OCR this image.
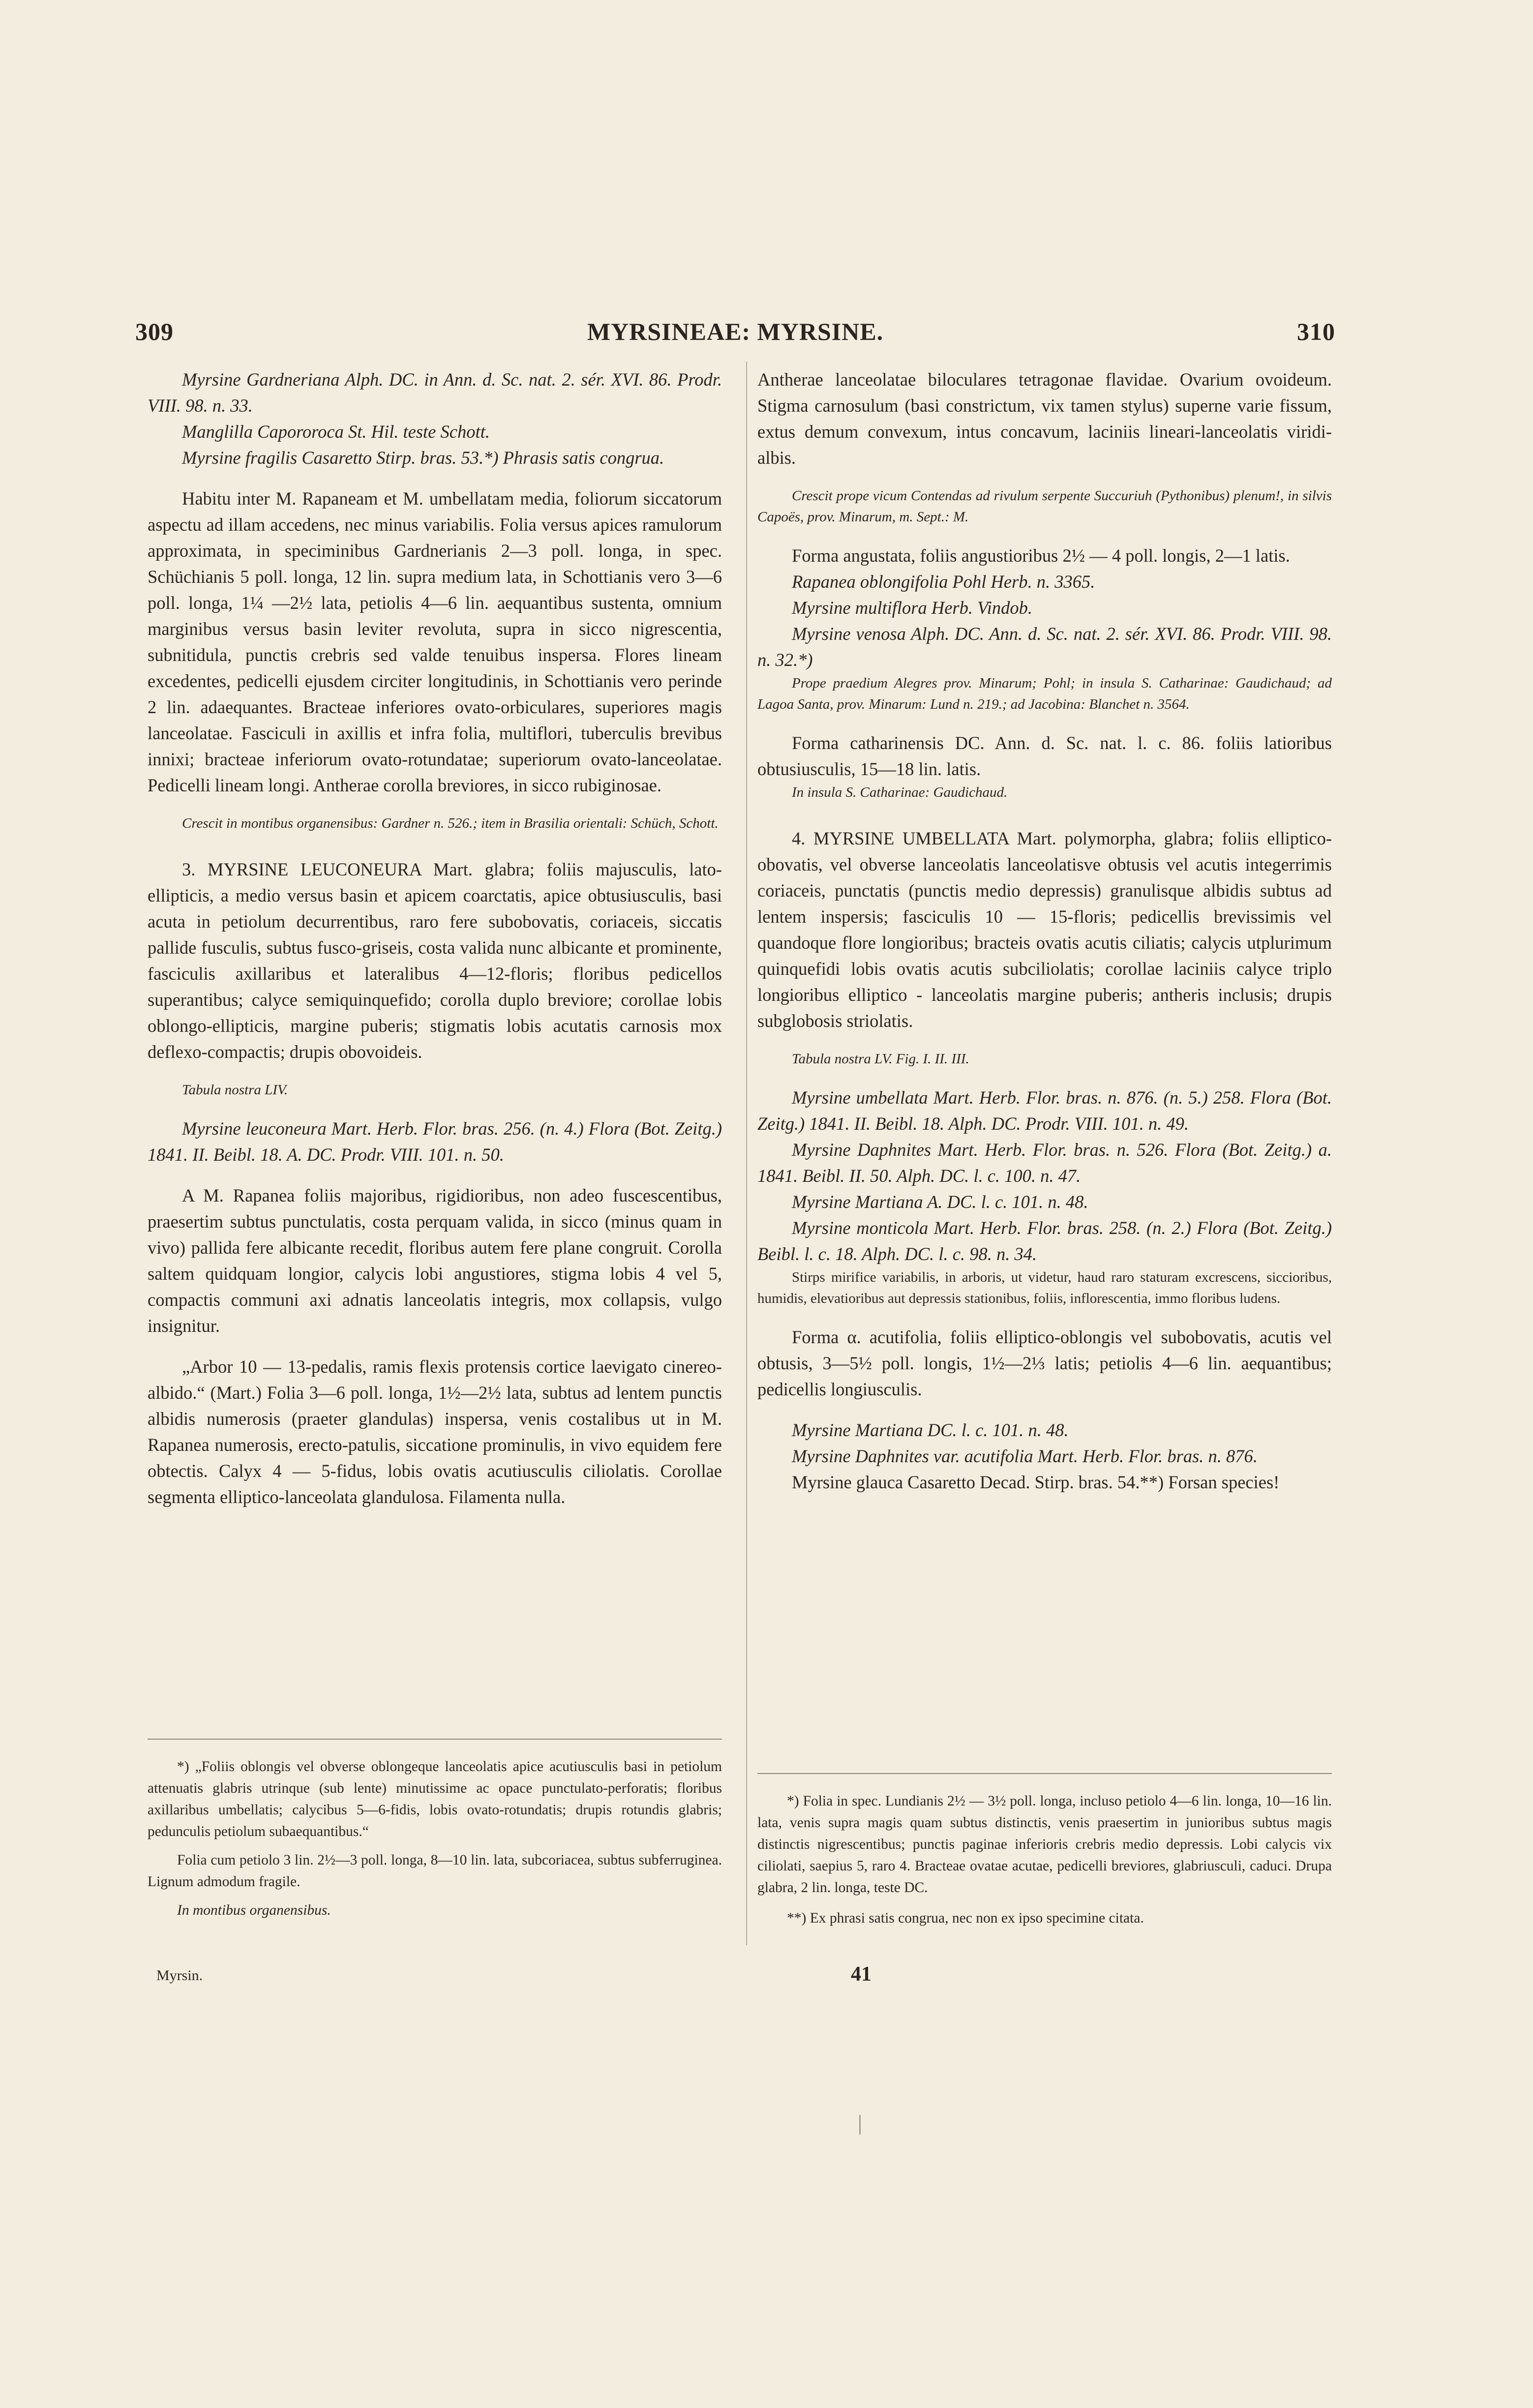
309	MYRSINEAE: MYRSINE.	310

Myrsine Gardneriana Alph. DC. in Ann. d. Sc. nat. 2. sér. XVI. 86. Prodr. VIII. 98. n. 33.

Manglilla Capororoca St. Hil. teste Schott.

Myrsine fragilis Casaretto Stirp. bras. 53.*) Phrasis satis congrua.

Habitu inter M. Rapaneam et M. umbellatam media, foliorum siccatorum aspectu ad illam accedens, nec minus variabilis. Folia versus apices ramulorum approximata, in speciminibus Gardnerianis 2—3 poll. longa, in spec. Schüchianis 5 poll. longa, 12 lin. supra medium lata, in Schottianis vero 3—6 poll. longa, 1¼ —2½ lata, petiolis 4—6 lin. aequantibus sustenta, omnium marginibus versus basin leviter revoluta, supra in sicco nigrescentia, subnitidula, punctis crebris sed valde tenuibus inspersa. Flores lineam excedentes, pedicelli ejusdem circiter longitudinis, in Schottianis vero perinde 2 lin. adaequantes. Bracteae inferiores ovato-orbiculares, superiores magis lanceolatae. Fasciculi in axillis et infra folia, multiflori, tuberculis brevibus innixi; bracteae inferiorum ovato-rotundatae; superiorum ovato-lanceolatae. Pedicelli lineam longi. Antherae corolla breviores, in sicco rubiginosae.

Crescit in montibus organensibus: Gardner n. 526.; item in Brasilia orientali: Schüch, Schott.

3. MYRSINE LEUCONEURA Mart. glabra; foliis majusculis, lato-ellipticis, a medio versus basin et apicem coarctatis, apice obtusiusculis, basi acuta in petiolum decurrentibus, raro fere subobovatis, coriaceis, siccatis pallide fusculis, subtus fusco-griseis, costa valida nunc albicante et prominente, fasciculis axillaribus et lateralibus 4—12-floris; floribus pedicellos superantibus; calyce semiquinquefido; corolla duplo breviore; corollae lobis oblongo-ellipticis, margine puberis; stigmatis lobis acutatis carnosis mox deflexo-compactis; drupis obovoideis.

Tabula nostra LIV.

Myrsine leuconeura Mart. Herb. Flor. bras. 256. (n. 4.) Flora (Bot. Zeitg.) 1841. II. Beibl. 18. A. DC. Prodr. VIII. 101. n. 50.

A M. Rapanea foliis majoribus, rigidioribus, non adeo fuscescentibus, praesertim subtus punctulatis, costa perquam valida, in sicco (minus quam in vivo) pallida fere albicante recedit, floribus autem fere plane congruit. Corolla saltem quidquam longior, calycis lobi angustiores, stigma lobis 4 vel 5, compactis communi axi adnatis lanceolatis integris, mox collapsis, vulgo insignitur.

„Arbor 10 — 13-pedalis, ramis flexis protensis cortice laevigato cinereo-albido.“ (Mart.) Folia 3—6 poll. longa, 1½—2½ lata, subtus ad lentem punctis albidis numerosis (praeter glandulas) inspersa, venis costalibus ut in M. Rapanea numerosis, erecto-patulis, siccatione prominulis, in vivo equidem fere obtectis. Calyx 4 — 5-fidus, lobis ovatis acutiusculis ciliolatis. Corollae segmenta elliptico-lanceolata glandulosa. Filamenta nulla.

Antherae lanceolatae biloculares tetragonae flavidae. Ovarium ovoideum. Stigma carnosulum (basi constrictum, vix tamen stylus) superne varie fissum, extus demum convexum, intus concavum, laciniis lineari-lanceolatis viridi-albis.

Crescit prope vicum Contendas ad rivulum serpente Succuriuh (Pythonibus) plenum!, in silvis Capoës, prov. Minarum, m. Sept.: M.

Forma angustata, foliis angustioribus 2½ — 4 poll. longis, 2—1 latis.

Rapanea oblongifolia Pohl Herb. n. 3365.

Myrsine multiflora Herb. Vindob.

Myrsine venosa Alph. DC. Ann. d. Sc. nat. 2. sér. XVI. 86. Prodr. VIII. 98. n. 32.*)

Prope praedium Alegres prov. Minarum; Pohl; in insula S. Catharinae: Gaudichaud; ad Lagoa Santa, prov. Minarum: Lund n. 219.; ad Jacobina: Blanchet n. 3564.

Forma catharinensis DC. Ann. d. Sc. nat. l. c. 86. foliis latioribus obtusiusculis, 15—18 lin. latis.

In insula S. Catharinae: Gaudichaud.

4. MYRSINE UMBELLATA Mart. polymorpha, glabra; foliis elliptico-obovatis, vel obverse lanceolatis lanceolatisve obtusis vel acutis integerrimis coriaceis, punctatis (punctis medio depressis) granulisque albidis subtus ad lentem inspersis; fasciculis 10 — 15-floris; pedicellis brevissimis vel quandoque flore longioribus; bracteis ovatis acutis ciliatis; calycis utplurimum quinquefidi lobis ovatis acutis subciliolatis; corollae laciniis calyce triplo longioribus elliptico - lanceolatis margine puberis; antheris inclusis; drupis subglobosis striolatis.

Tabula nostra LV. Fig. I. II. III.

Myrsine umbellata Mart. Herb. Flor. bras. n. 876. (n. 5.) 258. Flora (Bot. Zeitg.) 1841. II. Beibl. 18. Alph. DC. Prodr. VIII. 101. n. 49.

Myrsine Daphnites Mart. Herb. Flor. bras. n. 526. Flora (Bot. Zeitg.) a. 1841. Beibl. II. 50. Alph. DC. l. c. 100. n. 47.

Myrsine Martiana A. DC. l. c. 101. n. 48.

Myrsine monticola Mart. Herb. Flor. bras. 258. (n. 2.) Flora (Bot. Zeitg.) Beibl. l. c. 18. Alph. DC. l. c. 98. n. 34.

Stirps mirifice variabilis, in arboris, ut videtur, haud raro staturam excrescens, siccioribus, humidis, elevatioribus aut depressis stationibus, foliis, inflorescentia, immo floribus ludens.

Forma α. acutifolia, foliis elliptico-oblongis vel subobovatis, acutis vel obtusis, 3—5½ poll. longis, 1½—2⅓ latis; petiolis 4—6 lin. aequantibus; pedicellis longiusculis.

Myrsine Martiana DC. l. c. 101. n. 48.

Myrsine Daphnites var. acutifolia Mart. Herb. Flor. bras. n. 876.

Myrsine glauca Casaretto Decad. Stirp. bras. 54.**) Forsan species!

*) „Foliis oblongis vel obverse oblongeque lanceolatis apice acutiusculis basi in petiolum attenuatis glabris utrinque (sub lente) minutissime ac opace punctulato-perforatis; floribus axillaribus umbellatis; calycibus 5—6-fidis, lobis ovato-rotundatis; drupis rotundis glabris; pedunculis petiolum subaequantibus.“

Folia cum petiolo 3 lin. 2½—3 poll. longa, 8—10 lin. lata, subcoriacea, subtus subferruginea. Lignum admodum fragile.

In montibus organensibus.

*) Folia in spec. Lundianis 2½ — 3½ poll. longa, incluso petiolo 4—6 lin. longa, 10—16 lin. lata, venis supra magis quam subtus distinctis, venis praesertim in junioribus subtus magis distinctis nigrescentibus; punctis paginae inferioris crebris medio depressis. Lobi calycis vix ciliolati, saepius 5, raro 4. Bracteae ovatae acutae, pedicelli breviores, glabriusculi, caduci. Drupa glabra, 2 lin. longa, teste DC.

**) Ex phrasi satis congrua, nec non ex ipso specimine citata.

Myrsin.	41
